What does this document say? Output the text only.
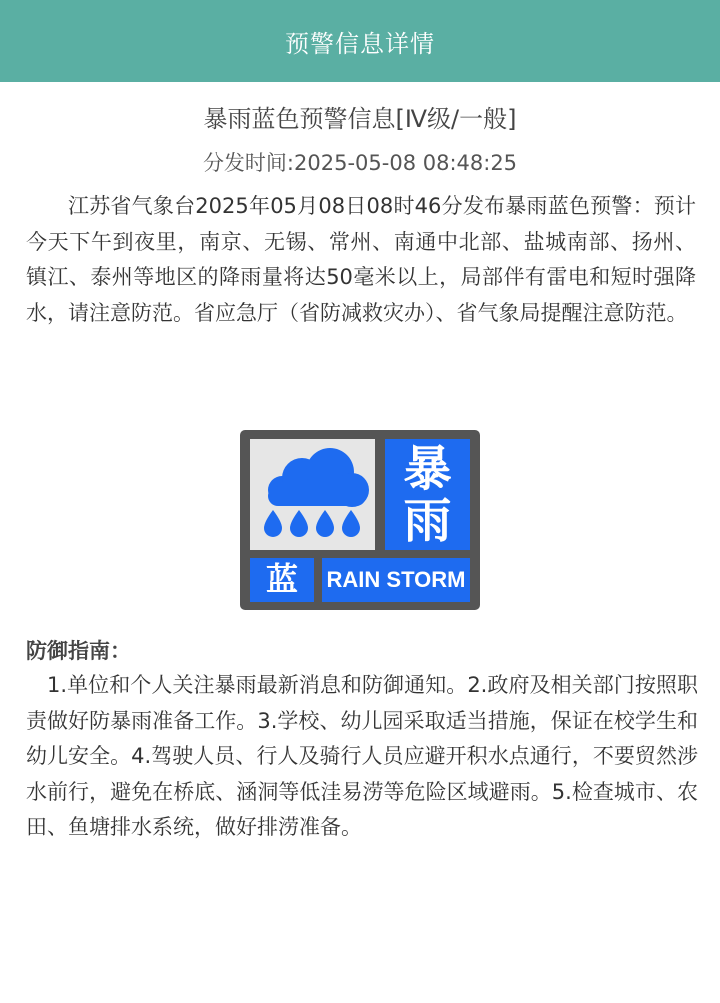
预警信息详情
暴雨蓝色预警信息[Ⅳ级/一般]
分发时间:2025-05-08 08:48:25
江苏省气象台2025年05月08日08时46分发布暴雨蓝色预警：预计今天下午到夜里，南京、无锡、常州、南通中北部、盐城南部、扬州、镇江、泰州等地区的降雨量将达50毫米以上，局部伴有雷电和短时强降水，请注意防范。省应急厅（省防减救灾办）、省气象局提醒注意防范。
暴
雨
蓝 RAIN STORM
防御指南：
1.单位和个人关注暴雨最新消息和防御通知。2.政府及相关部门按照职责做好防暴雨准备工作。3.学校、幼儿园采取适当措施，保证在校学生和幼儿安全。4.驾驶人员、行人及骑行人员应避开积水点通行，不要贸然涉水前行，避免在桥底、涵洞等低洼易涝等危险区域避雨。5.检查城市、农田、鱼塘排水系统，做好排涝准备。
